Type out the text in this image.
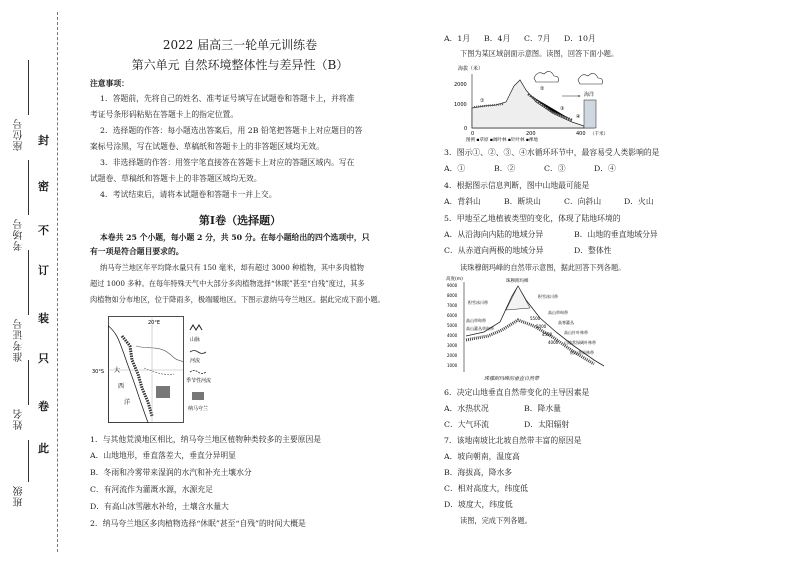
座位号
考场号
准考证号
姓名
班级
封
密
不
订
装
只
卷
此
2022 届高三一轮单元训练卷
第六单元 自然环境整体性与差异性（B）
注意事项：
1．答题前，先将自己的姓名、准考证号填写在试题卷和答题卡上，并将准
考证号条形码粘贴在答题卡上的指定位置。
2．选择题的作答：每小题选出答案后，用 2B 铅笔把答题卡上对应题目的答
案标号涂黑，写在试题卷、草稿纸和答题卡上的非答题区域均无效。
3．非选择题的作答：用签字笔直接答在答题卡上对应的答题区域内。写在
试题卷、草稿纸和答题卡上的非答题区域均无效。
4．考试结束后，请将本试题卷和答题卡一并上交。
第Ⅰ卷（选择题）
本卷共 25 个小题，每小题 2 分，共 50 分。在每小题给出的四个选项中，只
有一项是符合题目要求的。
纳马夸兰地区年平均降水量只有 150 毫米，却有超过 3000 种植物，其中多肉植物
超过 1000 多种。在每年特殊天气中大部分多肉植物选择“休眠”甚至“自残”度过，其多
肉植物如分布地区，位于降雨多，极端暖地区。下图示意纳马夸兰地区。据此完成下面小题。
20°E
30°S 大
西
洋
山脉
河流
季节性河流
纳马夸兰
1．与其他荒漠地区相比，纳马夸兰地区植物种类较多的主要原因是
A．山地地形，垂直落差大，垂直分异明显
B．冬雨和冷雾带来湿润的水汽和补充土壤水分
C．有河流作为灌溉水源，水源充足
D．有高山冰雪融水补给，土壤含水量大
2．纳马夸兰地区多肉植物选择“休眠”甚至“自残”的时间大概是
A．1月 B．4月 C．7月 D．10月
下图为某区域剖面示意图。读图，回答下面小题。
海拔（米）
2000
1000
0
海洋
①
②
③
④
0	200	400 （千米）
图例 ▪草原 ▪阔叶林 ▪针叶林 ▪裸地
3．图示①、②、③、④水循环环节中，最容易受人类影响的是
A．①	B．②	C．③	D．④
4．根据图示信息判断，图中山地最可能是
A．背斜山	B．断块山	C．向斜山	D．火山
5．甲地至乙地植被类型的变化，体现了陆地环境的
A．从沿海向内陆的地域分异	B．山地的垂直地域分异
C．从赤道向两极的地域分异	D．整体性
读珠穆朗玛峰的自然带示意图，据此回答下列各题。
高度(m)
9000
8000
7000
6000
5000
4000
3000
2000
1000
珠穆朗玛峰
积雪冰川带
高山草甸带
高山灌丛草甸带
积雪冰川带
高山草甸带
高寒灌丛
高山针叶林带
山地常绿阔叶林带
低山季雨林带
5500
5000
4500
4000
珠穆朗玛峰的垂直自然带
6．决定山地垂直自然带变化的主导因素是
A．水热状况	B．降水量
C．大气环流	D．太阳辐射
7．该地南坡比北坡自然带丰富的原因是
A．坡向朝南，温度高
B．海拔高，降水多
C．相对高度大，纬度低
D．坡度大，纬度低
读图，完成下列各题。
